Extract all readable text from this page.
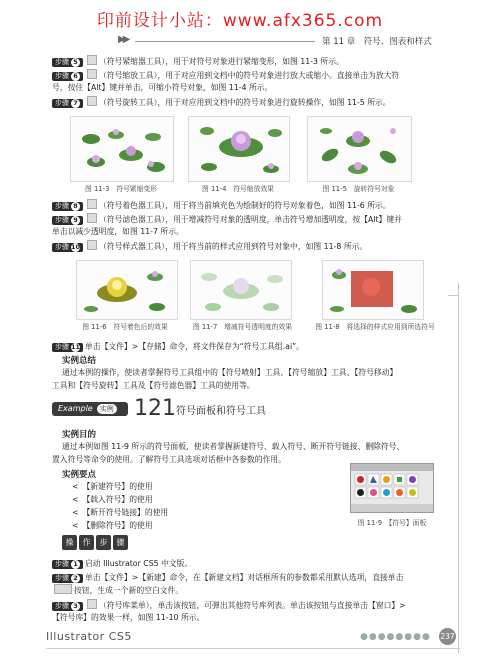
印前设计小站：www.afx365.com
▶▶	第 11 章　符号、图表和样式
步骤 5	（符号紧缩器工具），用于对符号对象进行紧缩变形，如图 11-3 所示。
步骤 6	（符号缩放工具），用于对应用到文档中的符号对象进行放大或缩小。直接单击为放大符
号，按住【Alt】键并单击，可缩小符号对象，如图 11-4 所示。
步骤 7	（符号旋转工具），用于对应用到文档中的符号对象进行旋转操作，如图 11-5 所示。
图 11-3　符号紧缩变形	图 11-4　符号缩放效果	图 11-5　旋转符号对象
步骤 8	（符号着色器工具），用于将当前填充色为绘制好的符号对象着色，如图 11-6 所示。
步骤 9	（符号滤色器工具），用于增减符号对象的透明度，单击符号增加透明度，按【Alt】键并
单击以减少透明度，如图 11-7 所示。
步骤 10 （符号样式器工具），用于将当前的样式应用到符号对象中，如图 11-8 所示。
图 11-6　符号着色后的效果	图 11-7　增减符号透明度的效果	图 11-8　将选择的样式应用到所选符号
步骤 11 单击【文件】>【存储】命令，将文件保存为“符号工具组.ai”。
实例总结
通过本例的操作，使读者掌握符号工具组中的【符号喷射】工具、【符号缩放】工具、【符号移动】
工具和【符号旋转】工具及【符号滤色器】工具的使用等。
Example 实例 121 符号面板和符号工具
实例目的
通过本例如图 11-9 所示的符号面板，使读者掌握新建符号、载入符号、断开符号链接、删除符号、
置入符号等命令的使用。了解符号工具选项对话框中各参数的作用。
实例要点
<　【新建符号】的使用
<　【载入符号】的使用
<　【断开符号链接】的使用
<　【删除符号】的使用	图 11-9　【符号】面板
操 作 步 骤
步骤 1 启动 Illustrator CS5 中文版。
步骤 2 单击【文件】>【新建】命令，在【新建文档】对话框所有的参数都采用默认选项，直接单击
按钮，生成一个新的空白文件。
步骤 3	（符号库菜单），单击该按钮，可弹出其他符号库列表。单击该按钮与直接单击【窗口】>
【符号库】的效果一样，如图 11-10 所示。
Illustrator CS5	●●●●●●●● 237
